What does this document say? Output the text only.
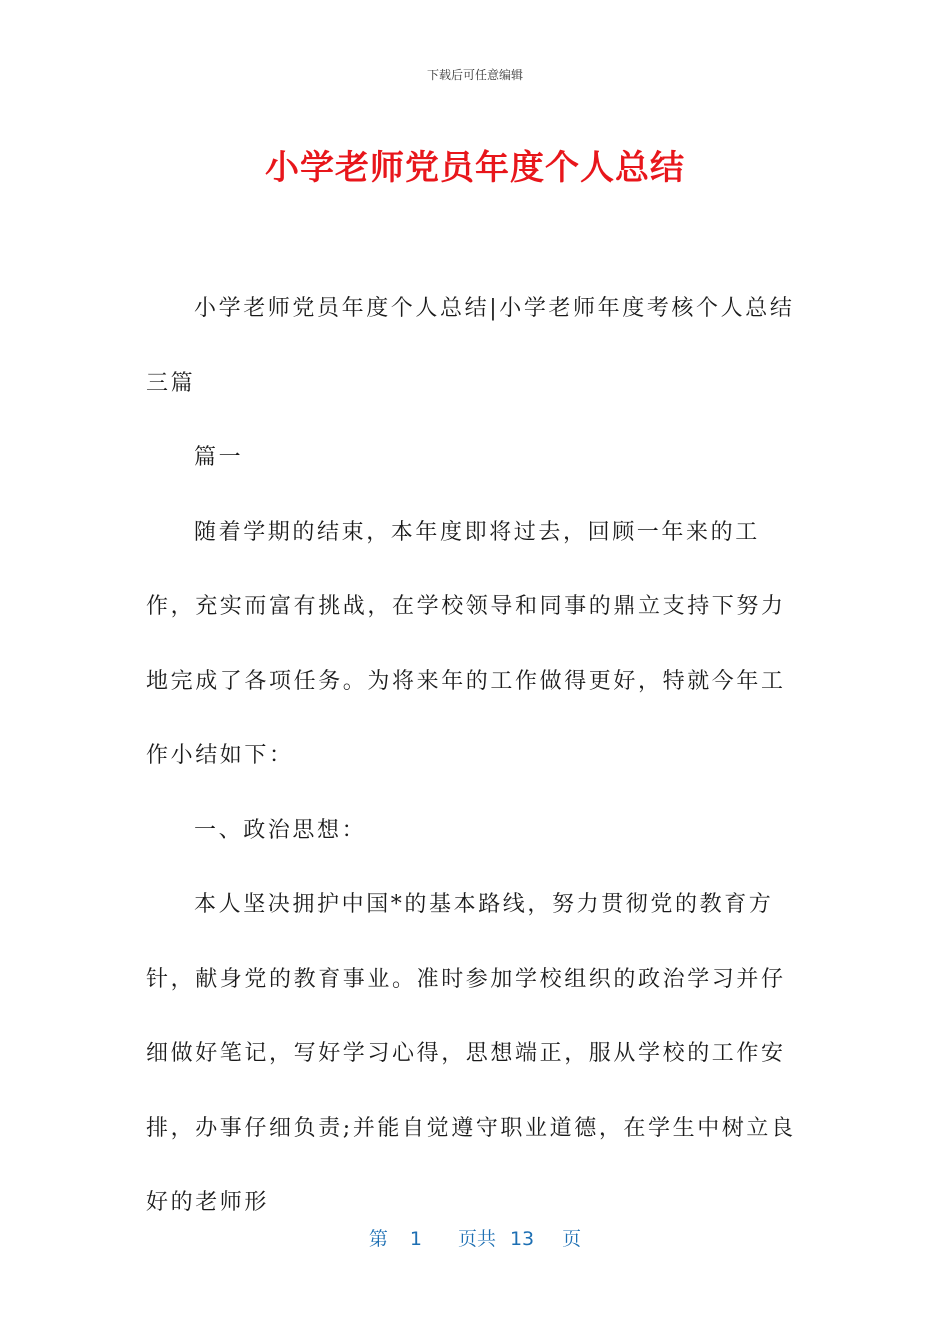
下载后可任意编辑
小学老师党员年度个人总结

小学老师党员年度个人总结|小学老师年度考核个人总结三篇

篇一

随着学期的结束，本年度即将过去，回顾一年来的工作，充实而富有挑战，在学校领导和同事的鼎立支持下努力地完成了各项任务。为将来年的工作做得更好，特就今年工作小结如下：

一、政治思想：

本人坚决拥护中国*的基本路线，努力贯彻党的教育方针，献身党的教育事业。准时参加学校组织的政治学习并仔细做好笔记，写好学习心得，思想端正，服从学校的工作安排，办事仔细负责;并能自觉遵守职业道德，在学生中树立良好的老师形

第 1 页共 13 页
